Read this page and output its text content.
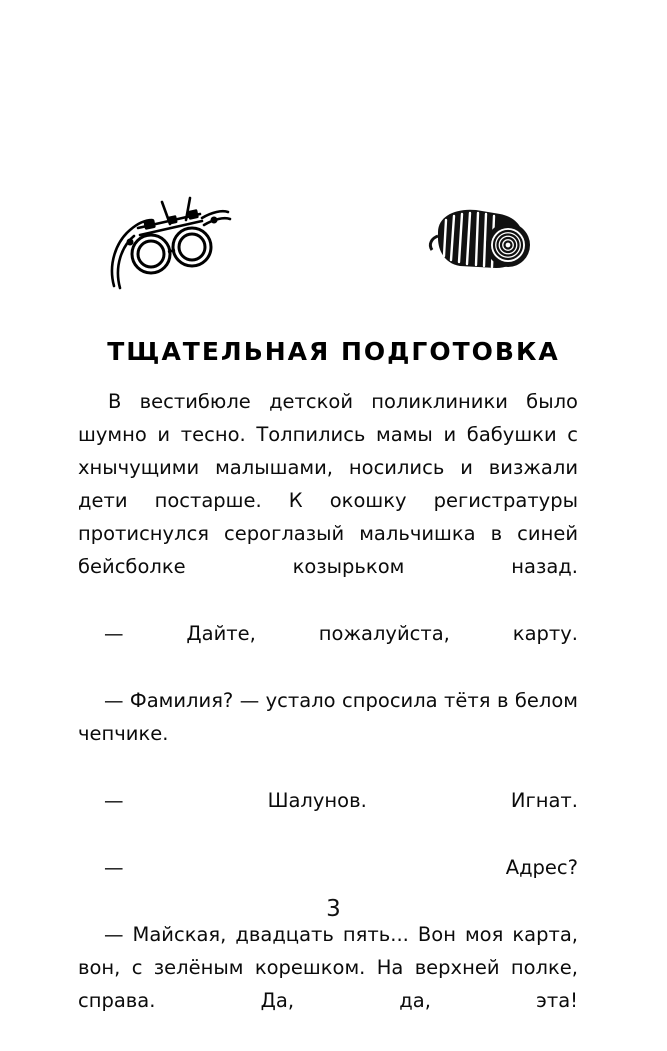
ТЩАТЕЛЬНАЯ ПОДГОТОВКА

В вестибюле детской поликлиники было шумно и тесно. Толпились мамы и бабушки с хнычущими малышами, носились и визжали дети постарше. К окошку регистратуры протиснулся сероглазый мальчишка в синей бейсболке козырьком назад.

— Дайте, пожалуйста, карту.

— Фамилия? — устало спросила тётя в белом чепчике.

— Шалунов. Игнат.

— Адрес?

— Майская, двадцать пять... Вон моя карта, вон, с зелёным корешком. На верхней полке, справа. Да, да, эта!

3
